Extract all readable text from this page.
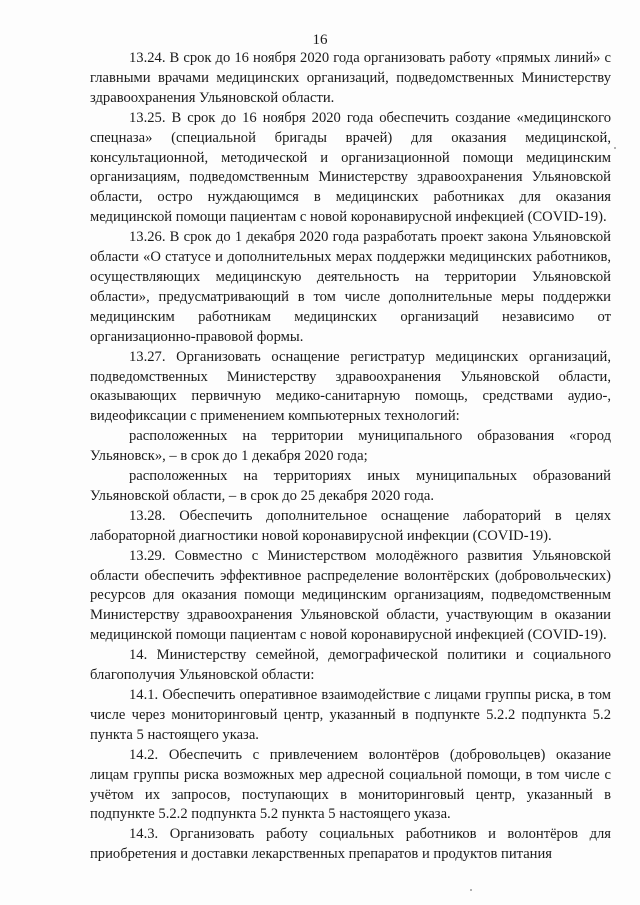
16

13.24. В срок до 16 ноября 2020 года организовать работу «прямых линий» с главными врачами медицинских организаций, подведомственных Министерству здравоохранения Ульяновской области.

13.25. В срок до 16 ноября 2020 года обеспечить создание «медицинского спецназа» (специальной бригады врачей) для оказания медицинской, консультационной, методической и организационной помощи медицинским организациям, подведомственным Министерству здравоохранения Ульяновской области, остро нуждающимся в медицинских работниках для оказания медицинской помощи пациентам с новой коронавирусной инфекцией (COVID-19).

13.26. В срок до 1 декабря 2020 года разработать проект закона Ульяновской области «О статусе и дополнительных мерах поддержки медицинских работников, осуществляющих медицинскую деятельность на территории Ульяновской области», предусматривающий в том числе дополнительные меры поддержки медицинским работникам медицинских организаций независимо от организационно-правовой формы.

13.27. Организовать оснащение регистратур медицинских организаций, подведомственных Министерству здравоохранения Ульяновской области, оказывающих первичную медико-санитарную помощь, средствами аудио-, видеофиксации с применением компьютерных технологий:

расположенных на территории муниципального образования «город Ульяновск», – в срок до 1 декабря 2020 года;

расположенных на территориях иных муниципальных образований Ульяновской области, – в срок до 25 декабря 2020 года.

13.28. Обеспечить дополнительное оснащение лабораторий в целях лабораторной диагностики новой коронавирусной инфекции (COVID-19).

13.29. Совместно с Министерством молодёжного развития Ульяновской области обеспечить эффективное распределение волонтёрских (добровольческих) ресурсов для оказания помощи медицинским организациям, подведомственным Министерству здравоохранения Ульяновской области, участвующим в оказании медицинской помощи пациентам с новой коронавирусной инфекцией (COVID-19).

14. Министерству семейной, демографической политики и социального благополучия Ульяновской области:

14.1. Обеспечить оперативное взаимодействие с лицами группы риска, в том числе через мониторинговый центр, указанный в подпункте 5.2.2 подпункта 5.2 пункта 5 настоящего указа.

14.2. Обеспечить с привлечением волонтёров (добровольцев) оказание лицам группы риска возможных мер адресной социальной помощи, в том числе с учётом их запросов, поступающих в мониторинговый центр, указанный в подпункте 5.2.2 подпункта 5.2 пункта 5 настоящего указа.

14.3. Организовать работу социальных работников и волонтёров для приобретения и доставки лекарственных препаратов и продуктов питания
